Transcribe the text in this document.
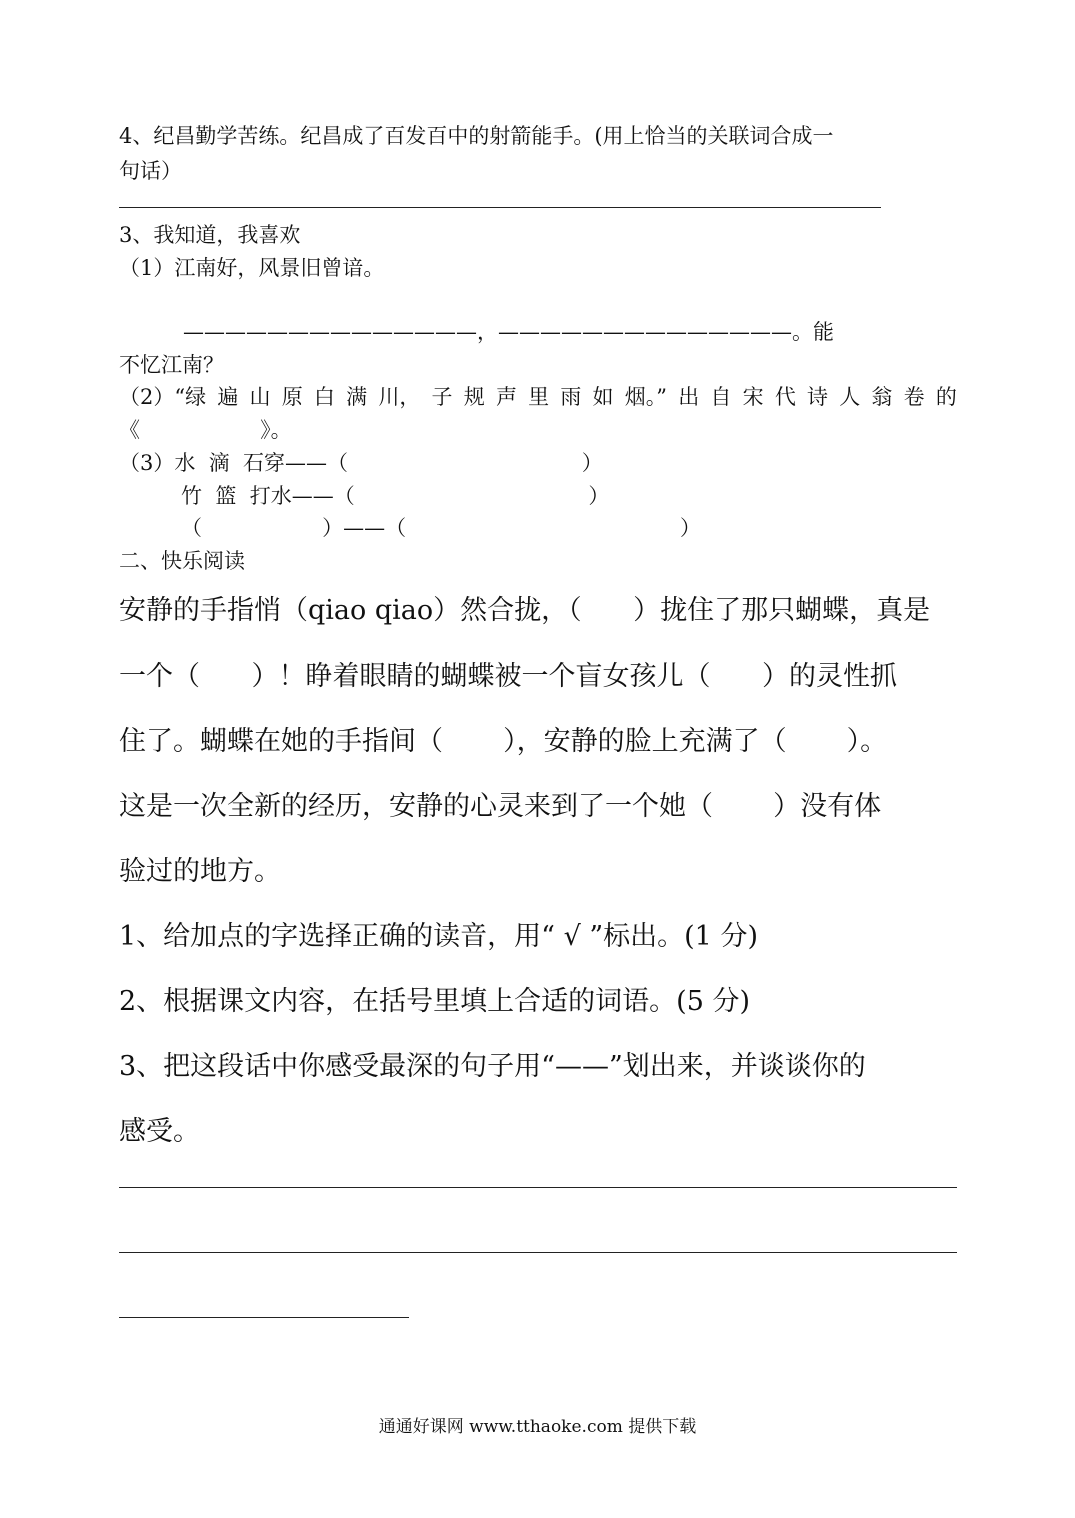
4、纪昌勤学苦练。纪昌成了百发百中的射箭能手。(用上恰当的关联词合成一

句话）

3、我知道，我喜欢

（1）江南好，风景旧曾谙。

——————————————，——————————————。能

不忆江南？

（2）“绿 遍 山 原 白 满 川， 子 规 声 里 雨 如 烟。” 出 自 宋 代 诗 人 翁 卷 的

《                  》。

（3）水  滴  石穿——（                                   ）

竹  篮  打水——（                                   ）

（                  ）——（                                         ）

二、快乐阅读

安静的手指悄（qiao qiao）然合拢，（      ）拢住了那只蝴蝶，真是

一个（      ）！睁着眼睛的蝴蝶被一个盲女孩儿（      ）的灵性抓

住了。蝴蝶在她的手指间（       ），安静的脸上充满了（       ）。

这是一次全新的经历，安静的心灵来到了一个她（       ）没有体

验过的地方。

1、给加点的字选择正确的读音，用“ √ ”标出。(1 分)

2、根据课文内容，在括号里填上合适的词语。(5 分)

3、把这段话中你感受最深的句子用“——”划出来，并谈谈你的

感受。

通通好课网 www.tthaoke.com 提供下载
